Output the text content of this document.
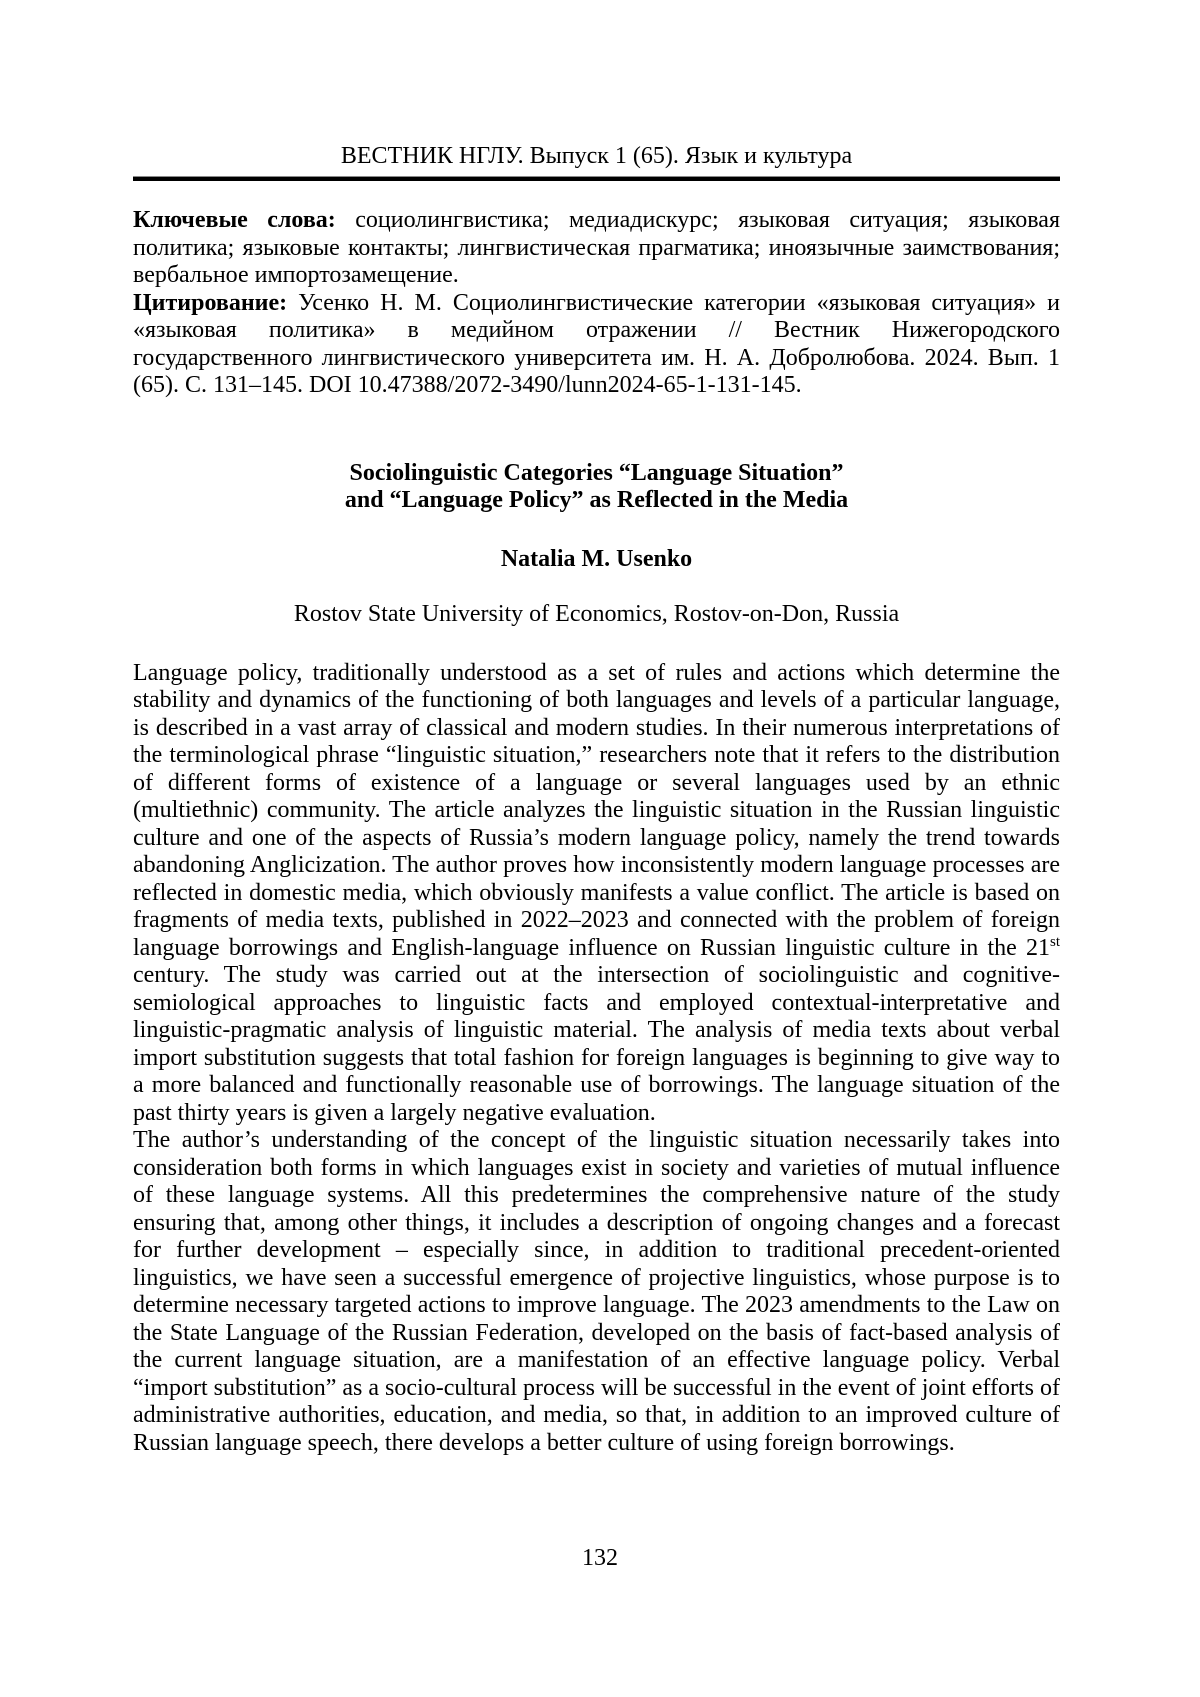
ВЕСТНИК НГЛУ. Выпуск 1 (65). Язык и культура

Ключевые слова: социолингвистика; медиадискурс; языковая ситуация; языковая политика; языковые контакты; лингвистическая прагматика; иноязычные заимствования; вербальное импортозамещение.

Цитирование: Усенко Н. М. Социолингвистические категории «языковая ситуация» и «языковая политика» в медийном отражении // Вестник Нижегородского государственного лингвистического университета им. Н. А. Добролюбова. 2024. Вып. 1 (65). С. 131–145. DOI 10.47388/2072-3490/lunn2024-65-1-131-145.

Sociolinguistic Categories “Language Situation”
and “Language Policy” as Reflected in the Media
Natalia M. Usenko
Rostov State University of Economics, Rostov-on-Don, Russia

Language policy, traditionally understood as a set of rules and actions which determine the stability and dynamics of the functioning of both languages and levels of a particular language, is described in a vast array of classical and modern studies. In their numerous interpretations of the terminological phrase “linguistic situation,” researchers note that it refers to the distribution of different forms of existence of a language or several languages used by an ethnic (multiethnic) community. The article analyzes the linguistic situation in the Russian linguistic culture and one of the aspects of Russia’s modern language policy, namely the trend towards abandoning Anglicization. The author proves how inconsistently modern language processes are reflected in domestic media, which obviously manifests a value conflict. The article is based on fragments of media texts, published in 2022–2023 and connected with the problem of foreign language borrowings and English-language influence on Russian linguistic culture in the 21st century. The study was carried out at the intersection of sociolinguistic and cognitive-semiological approaches to linguistic facts and employed contextual-interpretative and linguistic-pragmatic analysis of linguistic material. The analysis of media texts about verbal import substitution suggests that total fashion for foreign languages is beginning to give way to a more balanced and functionally reasonable use of borrowings. The language situation of the past thirty years is given a largely negative evaluation.

The author’s understanding of the concept of the linguistic situation necessarily takes into consideration both forms in which languages exist in society and varieties of mutual influence of these language systems. All this predetermines the comprehensive nature of the study ensuring that, among other things, it includes a description of ongoing changes and a forecast for further development – especially since, in addition to traditional precedent-oriented linguistics, we have seen a successful emergence of projective linguistics, whose purpose is to determine necessary targeted actions to improve language. The 2023 amendments to the Law on the State Language of the Russian Federation, developed on the basis of fact-based analysis of the current language situation, are a manifestation of an effective language policy. Verbal “import substitution” as a socio-cultural process will be successful in the event of joint efforts of administrative authorities, education, and media, so that, in addition to an improved culture of Russian language speech, there develops a better culture of using foreign borrowings.

132
